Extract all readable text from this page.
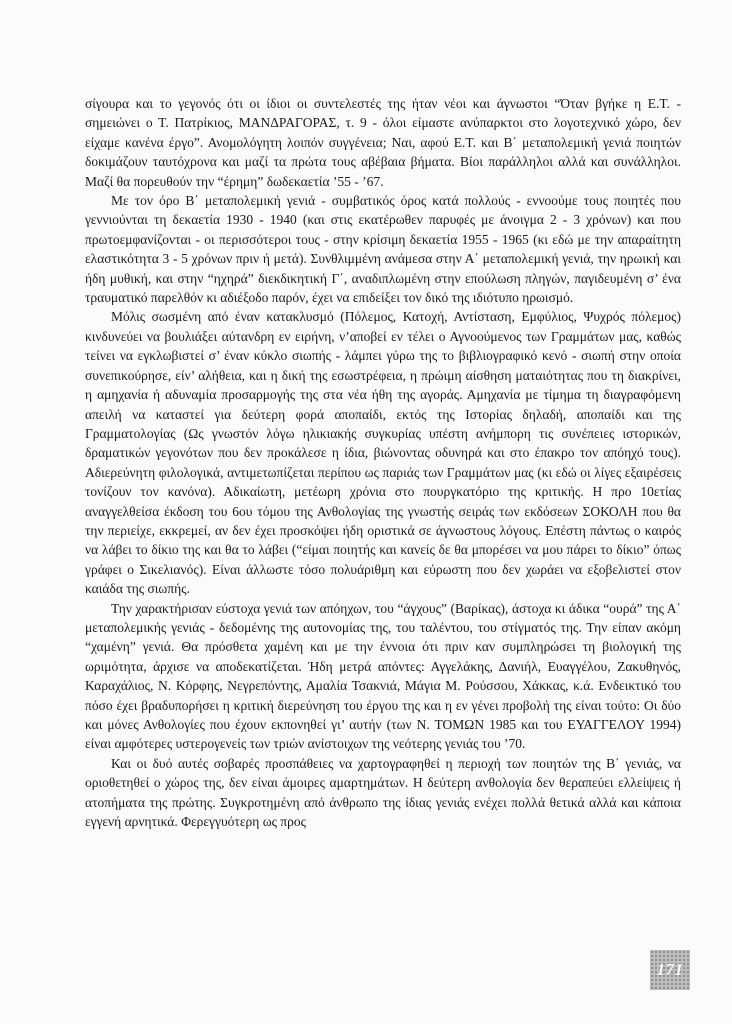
σίγουρα και το γεγονός ότι οι ίδιοι οι συντελεστές της ήταν νέοι και άγνωστοι “Όταν βγήκε η Ε.Τ. - σημειώνει ο Τ. Πατρίκιος, ΜΑΝΔΡΑΓΟΡΑΣ, τ. 9 - όλοι είμαστε ανύπαρκτοι στο λογοτεχνικό χώρο, δεν είχαμε κανένα έργο”. Ανομολόγητη λοιπόν συγγένεια; Ναι, αφού Ε.Τ. και Β΄ μεταπολεμική γενιά ποιητών δοκιμάζουν ταυτόχρονα και μαζί τα πρώτα τους αβέβαια βήματα. Βίοι παράλληλοι αλλά και συνάλληλοι. Μαζί θα πορευθούν την “έρημη” δωδεκαετία ’55 - ’67.

Με τον όρο Β΄ μεταπολεμική γενιά - συμβατικός όρος κατά πολλούς - εννοούμε τους ποιητές που γεννιούνται τη δεκαετία 1930 - 1940 (και στις εκατέρωθεν παρυφές με άνοιγμα 2 - 3 χρόνων) και που πρωτοεμφανίζονται - οι περισσότεροι τους - στην κρίσιμη δεκαετία 1955 - 1965 (κι εδώ με την απαραίτητη ελαστικότητα 3 - 5 χρόνων πριν ή μετά). Συνθλιμμένη ανάμεσα στην Α΄ μεταπολεμική γενιά, την ηρωική και ήδη μυθική, και στην “ηχηρά” διεκδικητική Γ΄, αναδιπλωμένη στην επούλωση πληγών, παγιδευμένη σ’ ένα τραυματικό παρελθόν κι αδιέξοδο παρόν, έχει να επιδείξει τον δικό της ιδιότυπο ηρωισμό.

Μόλις σωσμένη από έναν κατακλυσμό (Πόλεμος, Κατοχή, Αντίσταση, Εμφύλιος, Ψυχρός πόλεμος) κινδυνεύει να βουλιάξει αύτανδρη εν ειρήνη, ν’αποβεί εν τέλει ο Αγνοούμενος των Γραμμάτων μας, καθώς τείνει να εγκλωβιστεί σ’ έναν κύκλο σιωπής - λάμπει γύρω της το βιβλιογραφικό κενό - σιωπή στην οποία συνεπικούρησε, είν’ αλήθεια, και η δική της εσωστρέφεια, η πρώιμη αίσθηση ματαιότητας που τη διακρίνει, η αμηχανία ή αδυναμία προσαρμογής της στα νέα ήθη της αγοράς. Αμηχανία με τίμημα τη διαγραφόμενη απειλή να καταστεί για δεύτερη φορά αποπαίδι, εκτός της Ιστορίας δηλαδή, αποπαίδι και της Γραμματολογίας (Ως γνωστόν λόγω ηλικιακής συγκυρίας υπέστη ανήμπορη τις συνέπειες ιστορικών, δραματικών γεγονότων που δεν προκάλεσε η ίδια, βιώνοντας οδυνηρά και στο έπακρο τον απόηχό τους). Αδιερεύνητη φιλολογικά, αντιμετωπίζεται περίπου ως παριάς των Γραμμάτων μας (κι εδώ οι λίγες εξαιρέσεις τονίζουν τον κανόνα). Αδικαίωτη, μετέωρη χρόνια στο πουργκατόριο της κριτικής. Η προ 10ετίας αναγγελθείσα έκδοση του 6ου τόμου της Ανθολογίας της γνωστής σειράς των εκδόσεων ΣΟΚΟΛΗ που θα την περιείχε, εκκρεμεί, αν δεν έχει προσκόψει ήδη οριστικά σε άγνωστους λόγους. Επέστη πάντως ο καιρός να λάβει το δίκιο της και θα το λάβει (“είμαι ποιητής και κανείς δε θα μπορέσει να μου πάρει το δίκιο” όπως γράφει ο Σικελιανός). Είναι άλλωστε τόσο πολυάριθμη και εύρωστη που δεν χωράει να εξοβελιστεί στον καιάδα της σιωπής.

Την χαρακτήρισαν εύστοχα γενιά των απόηχων, του “άγχους” (Βαρίκας), άστοχα κι άδικα “ουρά” της Α΄ μεταπολεμικής γενιάς - δεδομένης της αυτονομίας της, του ταλέντου, του στίγματός της. Την είπαν ακόμη “χαμένη” γενιά. Θα πρόσθετα χαμένη και με την έννοια ότι πριν καν συμπληρώσει τη βιολογική της ωριμότητα, άρχισε να αποδεκατίζεται. Ήδη μετρά απόντες: Αγγελάκης, Δανιήλ, Ευαγγέλου, Ζακυθηνός, Καραχάλιος, Ν. Κόρφης, Νεγρεπόντης, Αμαλία Τσακνιά, Μάγια Μ. Ρούσσου, Χάκκας, κ.ά. Ενδεικτικό του πόσο έχει βραδυπορήσει η κριτική διερεύνηση του έργου της και η εν γένει προβολή της είναι τούτο: Οι δύο και μόνες Ανθολογίες που έχουν εκπονηθεί γι’ αυτήν (των Ν. ΤΟΜΩΝ 1985 και του ΕΥΑΓΓΕΛΟΥ 1994) είναι αμφότερες υστερογενείς των τριών ανίστοιχων της νεότερης γενιάς του ’70.

Και οι δυό αυτές σοβαρές προσπάθειες να χαρτογραφηθεί η περιοχή των ποιητών της Β΄ γενιάς, να οριοθετηθεί ο χώρος της, δεν είναι άμοιρες αμαρτημάτων. Η δεύτερη ανθολογία δεν θεραπεύει ελλείψεις ή ατοπήματα της πρώτης. Συγκροτημένη από άνθρωπο της ίδιας γενιάς ενέχει πολλά θετικά αλλά και κάποια εγγενή αρνητικά. Φερεγγυότερη ως προς

171
